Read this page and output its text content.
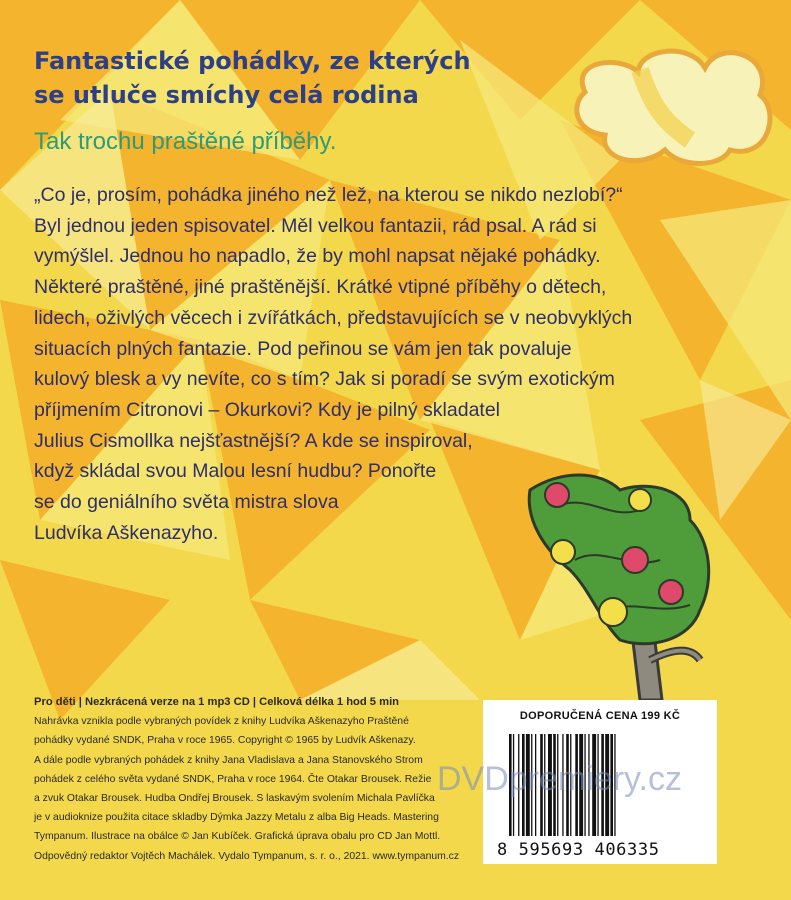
Fantastické pohádky, ze kterých
se utluče smíchy celá rodina

Tak trochu praštěné příběhy.

„Co je, prosím, pohádka jiného než lež, na kterou se nikdo nezlobí?“
Byl jednou jeden spisovatel. Měl velkou fantazii, rád psal. A rád si
vymýšlel. Jednou ho napadlo, že by mohl napsat nějaké pohádky.
Některé praštěné, jiné praštěnější. Krátké vtipné příběhy o dětech,
lidech, oživlých věcech i zvířátkách, představujících se v neobvyklých
situacích plných fantazie. Pod peřinou se vám jen tak povaluje
kulový blesk a vy nevíte, co s tím? Jak si poradí se svým exotickým
příjmením Citronovi – Okurkovi? Kdy je pilný skladatel
Julius Cismollka nejšťastnější? A kde se inspiroval,
když skládal svou Malou lesní hudbu? Ponořte
se do geniálního světa mistra slova
Ludvíka Aškenazyho.
Pro děti | Nezkrácená verze na 1 mp3 CD | Celková délka 1 hod 5 min
Nahrávka vznikla podle vybraných povídek z knihy Ludvíka Aškenazyho Praštěné
pohádky vydané SNDK, Praha v roce 1965. Copyright © 1965 by Ludvík Aškenazy.
A dále podle vybraných pohádek z knihy Jana Vladislava a Jana Stanovského Strom
pohádek z celého světa vydané SNDK, Praha v roce 1964. Čte Otakar Brousek. Režie
a zvuk Otakar Brousek. Hudba Ondřej Brousek. S laskavým svolením Michala Pavlíčka
je v audioknize použita citace skladby Dýmka Jazzy Metalu z alba Big Heads. Mastering
Tympanum. Ilustrace na obálce © Jan Kubíček. Grafická úprava obalu pro CD Jan Mottl.
Odpovědný redaktor Vojtěch Machálek. Vydalo Tympanum, s. r. o., 2021. www.tympanum.cz
DOPORUČENÁ CENA 199 KČ
8 595693 406335
DVDpremiery.cz
